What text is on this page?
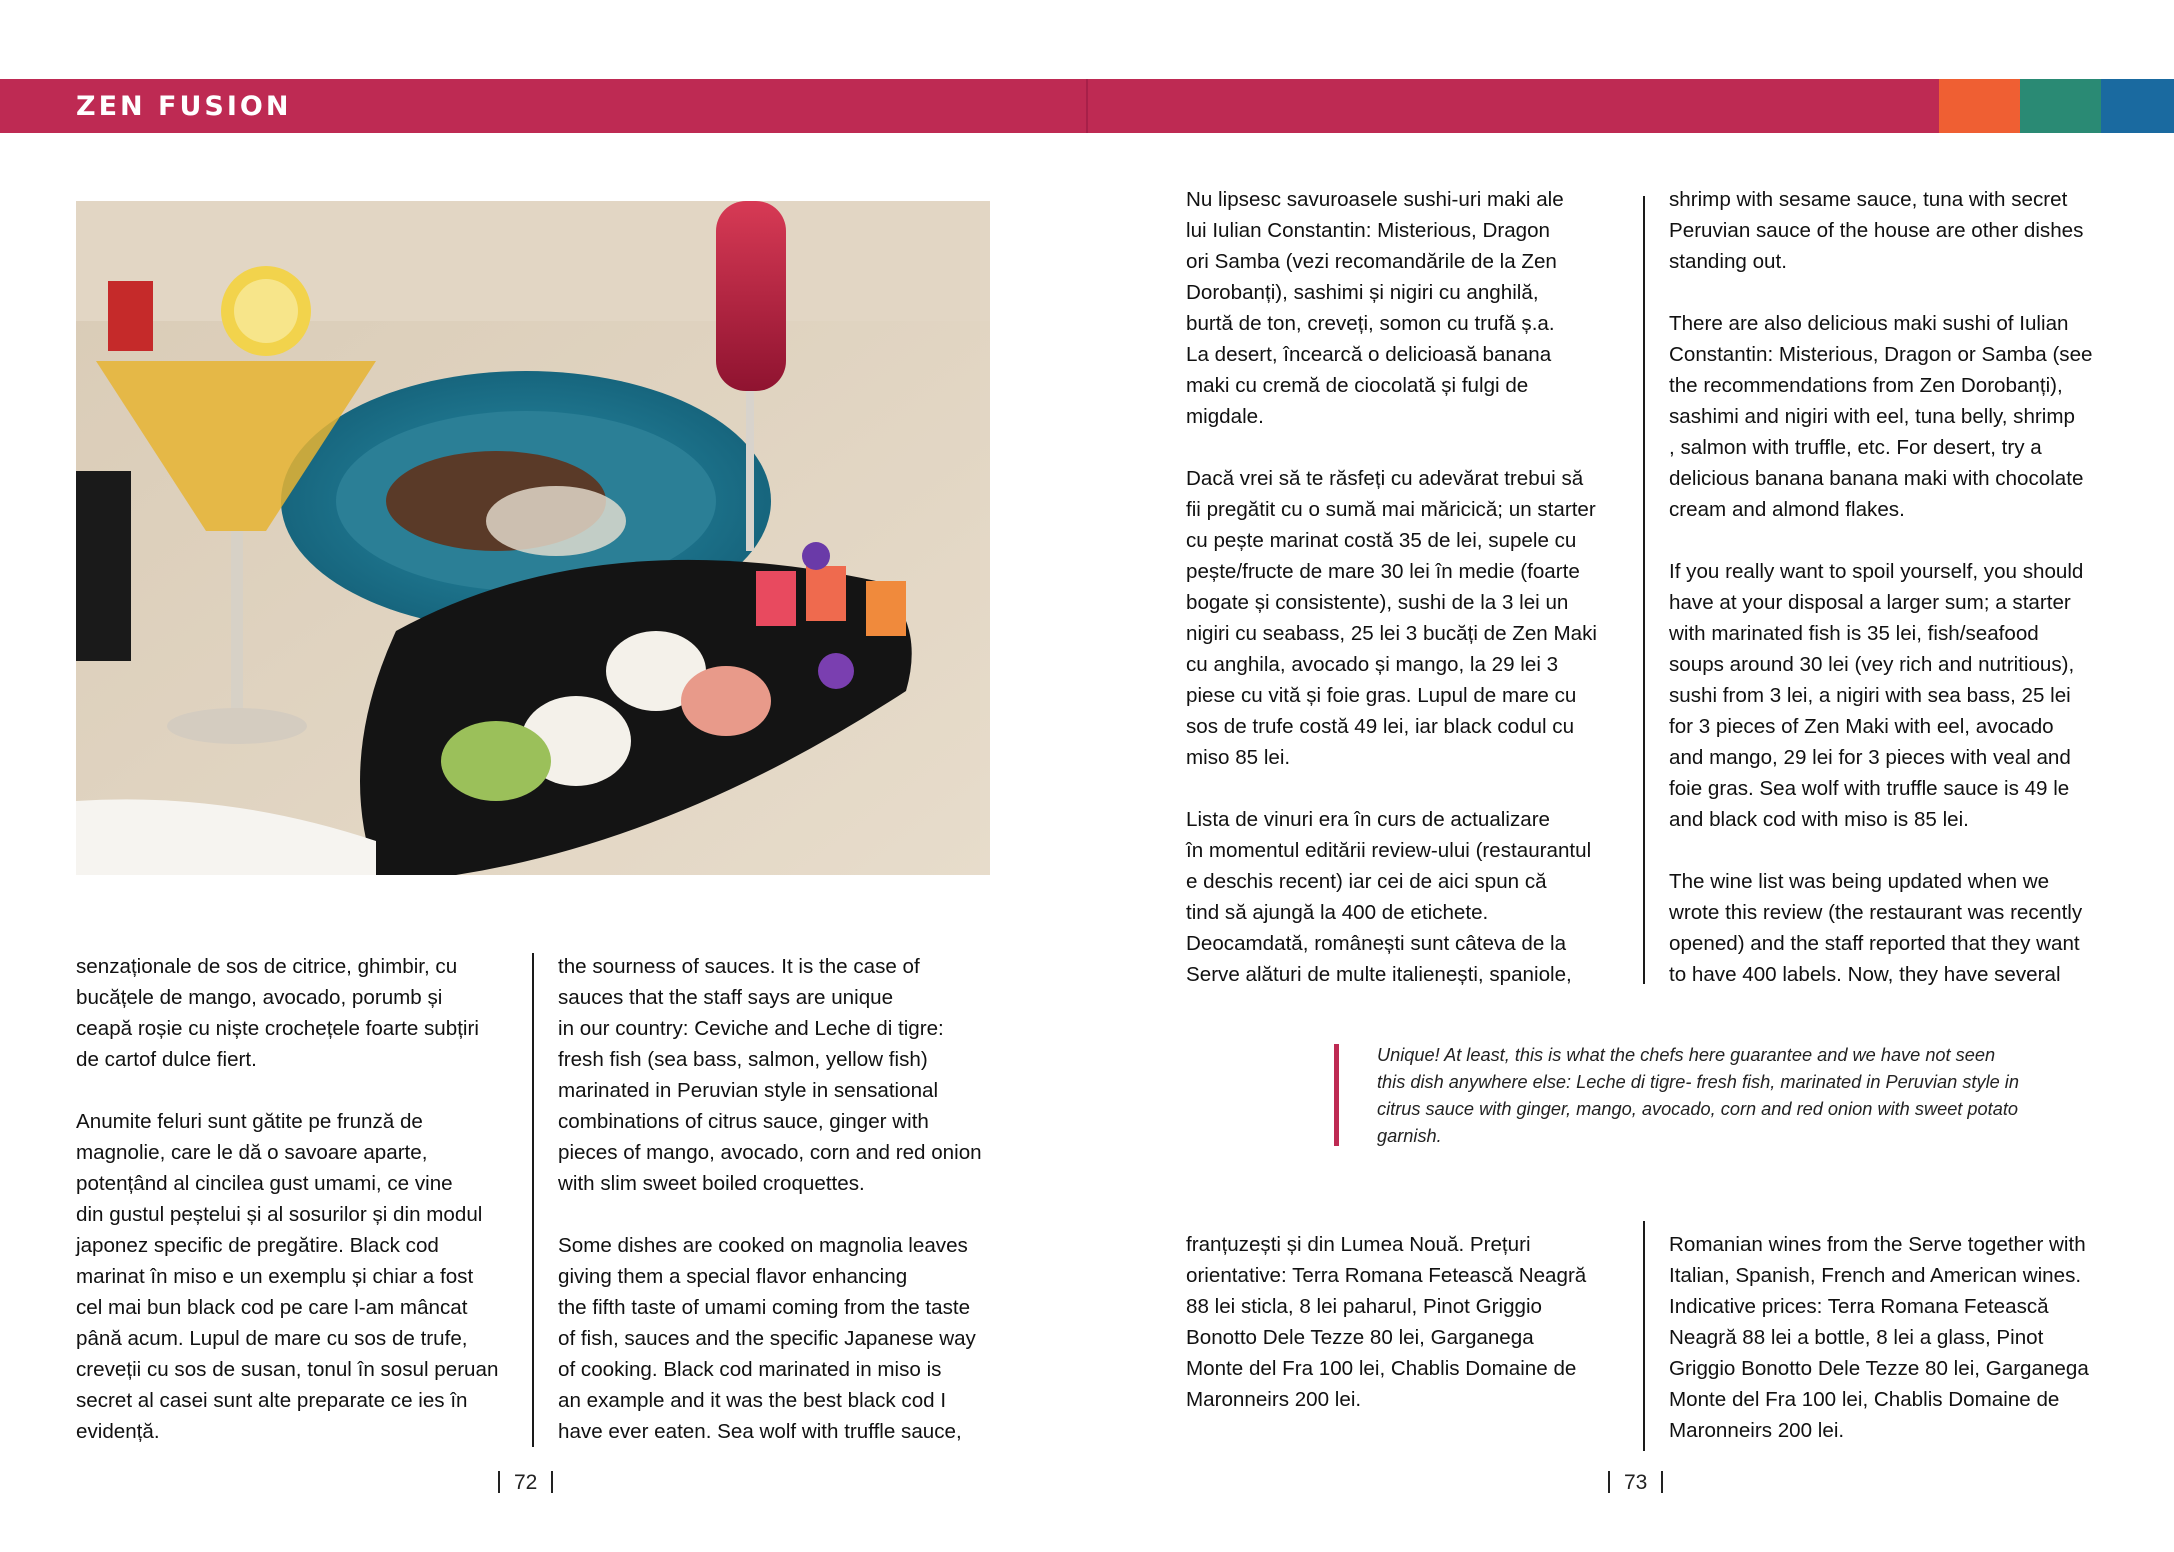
ZEN FUSION

senzaționale de sos de citrice, ghimbir, cu
bucățele de mango, avocado, porumb și
ceapă roșie cu niște crochețele foarte subțiri
de cartof dulce fiert.

Anumite feluri sunt gătite pe frunză de
magnolie, care le dă o savoare aparte,
potențând al cincilea gust umami, ce vine
din gustul peștelui și al sosurilor și din modul
japonez specific de pregătire. Black cod
marinat în miso e un exemplu și chiar a fost
cel mai bun black cod pe care l-am mâncat
până acum. Lupul de mare cu sos de trufe,
creveții cu sos de susan, tonul în sosul peruan
secret al casei sunt alte preparate ce ies în
evidență.

the sourness of sauces. It is the case of
sauces that the staff says are unique
in our country: Ceviche and Leche di tigre:
fresh fish (sea bass, salmon, yellow fish)
marinated in Peruvian style in sensational
combinations of citrus sauce, ginger with
pieces of mango, avocado, corn and red onion
with slim sweet boiled croquettes.

Some dishes are cooked on magnolia leaves
giving them a special flavor enhancing
the fifth taste of umami coming from the taste
of fish, sauces and the specific Japanese way
of cooking. Black cod marinated in miso is
an example and it was the best black cod I
have ever eaten. Sea wolf with truffle sauce,

72

Nu lipsesc savuroasele sushi-uri maki ale
lui Iulian Constantin: Misterious, Dragon
ori Samba (vezi recomandările de la Zen
Dorobanți), sashimi și nigiri cu anghilă,
burtă de ton, creveți, somon cu trufă ș.a.
La desert, încearcă o delicioasă banana
maki cu cremă de ciocolată și fulgi de
migdale.

Dacă vrei să te răsfeți cu adevărat trebui să
fii pregătit cu o sumă mai măricică; un starter
cu pește marinat costă 35 de lei, supele cu
pește/fructe de mare 30 lei în medie (foarte
bogate și consistente), sushi de la 3 lei un
nigiri cu seabass, 25 lei 3 bucăți de Zen Maki
cu anghila, avocado și mango, la 29 lei 3
piese cu vită și foie gras. Lupul de mare cu
sos de trufe costă 49 lei, iar black codul cu
miso 85 lei.

Lista de vinuri era în curs de actualizare
în momentul editării review-ului (restaurantul
e deschis recent) iar cei de aici spun că
tind să ajungă la 400 de etichete.
Deocamdată, românești sunt câteva de la
Serve alături de multe italienești, spaniole,

shrimp with sesame sauce, tuna with secret
Peruvian sauce of the house are other dishes
standing out.

There are also delicious maki sushi of Iulian
Constantin: Misterious, Dragon or Samba (see
the recommendations from Zen Dorobanți),
sashimi and nigiri with eel, tuna belly, shrimp
, salmon with truffle, etc. For desert, try a
delicious banana banana maki with chocolate
cream and almond flakes.

If you really want to spoil yourself, you should
have at your disposal a larger sum; a starter
with marinated fish is 35 lei, fish/seafood
soups around 30 lei (vey rich and nutritious),
sushi from 3 lei, a nigiri with sea bass, 25 lei
for 3 pieces of Zen Maki with eel, avocado
and mango, 29 lei for 3 pieces with veal and
foie gras. Sea wolf with truffle sauce is 49 le
and black cod with miso is 85 lei.

The wine list was being updated when we
wrote this review (the restaurant was recently
opened) and the staff reported that they want
to have 400 labels. Now, they have several

Unique! At least, this is what the chefs here guarantee and we have not seen
this dish anywhere else: Leche di tigre- fresh fish, marinated in Peruvian style in
citrus sauce with ginger, mango, avocado, corn and red onion with sweet potato
garnish.

franțuzești și din Lumea Nouă. Prețuri
orientative: Terra Romana Fetească Neagră
88 lei sticla, 8 lei paharul, Pinot Griggio
Bonotto Dele Tezze 80 lei, Garganega
Monte del Fra 100 lei, Chablis Domaine de
Maronneirs 200 lei.

Romanian wines from the Serve together with
Italian, Spanish, French and American wines.
Indicative prices: Terra Romana Fetească
Neagră 88 lei a bottle, 8 lei a glass, Pinot
Griggio Bonotto Dele Tezze 80 lei, Garganega
Monte del Fra 100 lei, Chablis Domaine de
Maronneirs 200 lei.

73
